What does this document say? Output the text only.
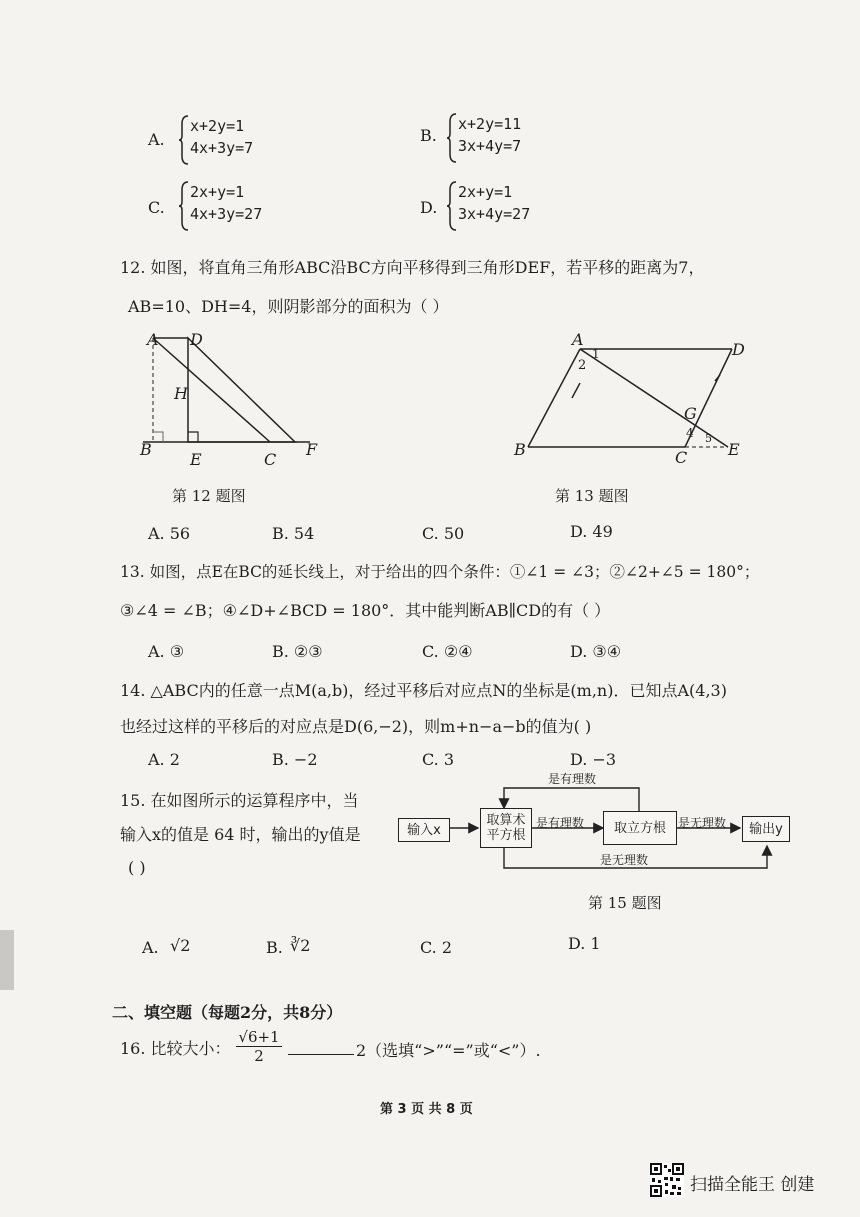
A.
x+2y=1
4x+3y=7
B.
x+2y=11
3x+4y=7
C.
2x+y=1
4x+3y=27	D.
2x+y=1
3x+4y=27
12. 如图，将直角三角形ABC沿BC方向平移得到三角形DEF，若平移的距离为7，
AB=10、DH=4，则阴影部分的面积为（ ）
A D
H
B
E	C
F
第 12 题图
A
D
B	C	E
G
1
2
4 5
第 13 题图
A. 56	B. 54	C. 50	D. 49
13. 如图，点E在BC的延长线上，对于给出的四个条件：①∠1 = ∠3；②∠2+∠5 = 180°；
③∠4 = ∠B；④∠D+∠BCD = 180°．其中能判断AB∥CD的有（ ）
A. ③	B. ②③	C. ②④	D. ③④
14. △ABC内的任意一点M(a,b)，经过平移后对应点N的坐标是(m,n)．已知点A(4,3)
也经过这样的平移后的对应点是D(6,−2)，则m+n−a−b的值为( )
A. 2	B. −2	C. 3	D. −3
15. 在如图所示的运算程序中，当
输入x的值是 64 时，输出的y值是
( )
输入x
取算术
平方根	取立方根	输出y
是有理数
是有理数	是无理数
是无理数
第 15 题图
A. √2	B. ∛2	C. 2	D. 1
二、填空题（每题2分，共8分）
16. 比较大小： $\frac{√6+1}{2}$	2（选填“>”“=”或“<”）.
第 3 页 共 8 页
扫描全能王 创建
